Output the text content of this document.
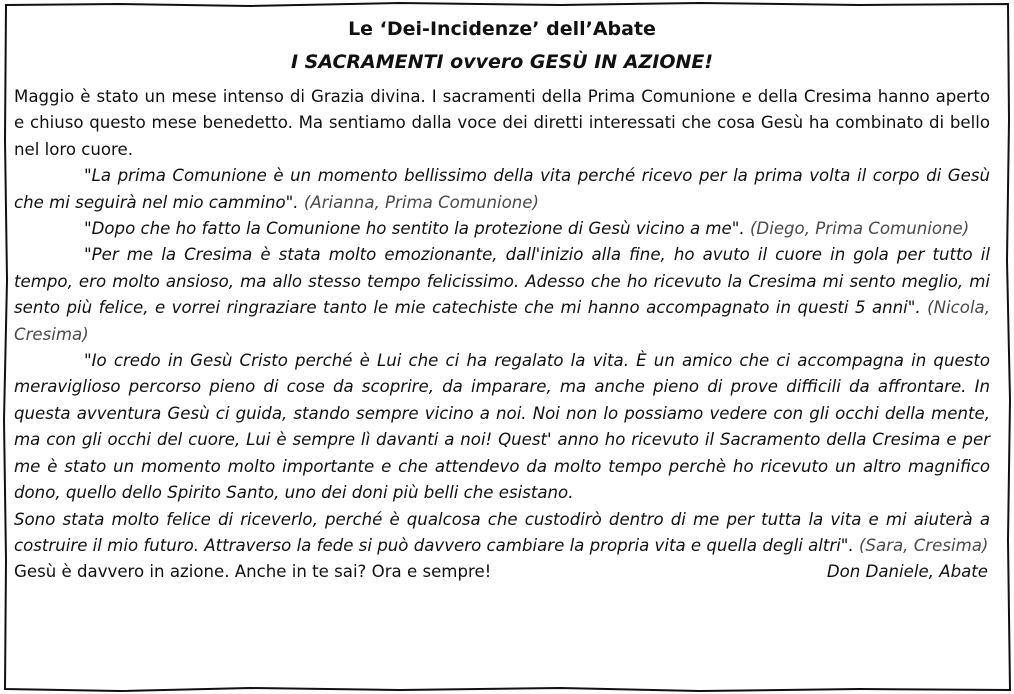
Le ‘Dei-Incidenze’ dell’Abate
I SACRAMENTI ovvero GESÙ IN AZIONE!

Maggio è stato un mese intenso di Grazia divina. I sacramenti della Prima Comunione e della Cresima hanno aperto e chiuso questo mese benedetto. Ma sentiamo dalla voce dei diretti interessati che cosa Gesù ha combinato di bello nel loro cuore.

"La prima Comunione è un momento bellissimo della vita perché ricevo per la prima volta il corpo di Gesù che mi seguirà nel mio cammino". (Arianna, Prima Comunione)

"Dopo che ho fatto la Comunione ho sentito la protezione di Gesù vicino a me". (Diego, Prima Comunione)

"Per me la Cresima è stata molto emozionante, dall'inizio alla fine, ho avuto il cuore in gola per tutto il tempo, ero molto ansioso, ma allo stesso tempo felicissimo. Adesso che ho ricevuto la Cresima mi sento meglio, mi sento più felice, e vorrei ringraziare tanto le mie catechiste che mi hanno accompagnato in questi 5 anni". (Nicola, Cresima)

"Io credo in Gesù Cristo perché è Lui che ci ha regalato la vita. È un amico che ci accompagna in questo meraviglioso percorso pieno di cose da scoprire, da imparare, ma anche pieno di prove difficili da affrontare. In questa avventura Gesù ci guida, stando sempre vicino a noi. Noi non lo possiamo vedere con gli occhi della mente, ma con gli occhi del cuore, Lui è sempre lì davanti a noi! Quest' anno ho ricevuto il Sacramento della Cresima e per me è stato un momento molto importante e che attendevo da molto tempo perchè ho ricevuto un altro magnifico dono, quello dello Spirito Santo, uno dei doni più belli che esistano.

Sono stata molto felice di riceverlo, perché è qualcosa che custodirò dentro di me per tutta la vita e mi aiuterà a costruire il mio futuro. Attraverso la fede si può davvero cambiare la propria vita e quella degli altri". (Sara, Cresima)

Gesù è davvero in azione. Anche in te sai? Ora e sempre!	Don Daniele, Abate
